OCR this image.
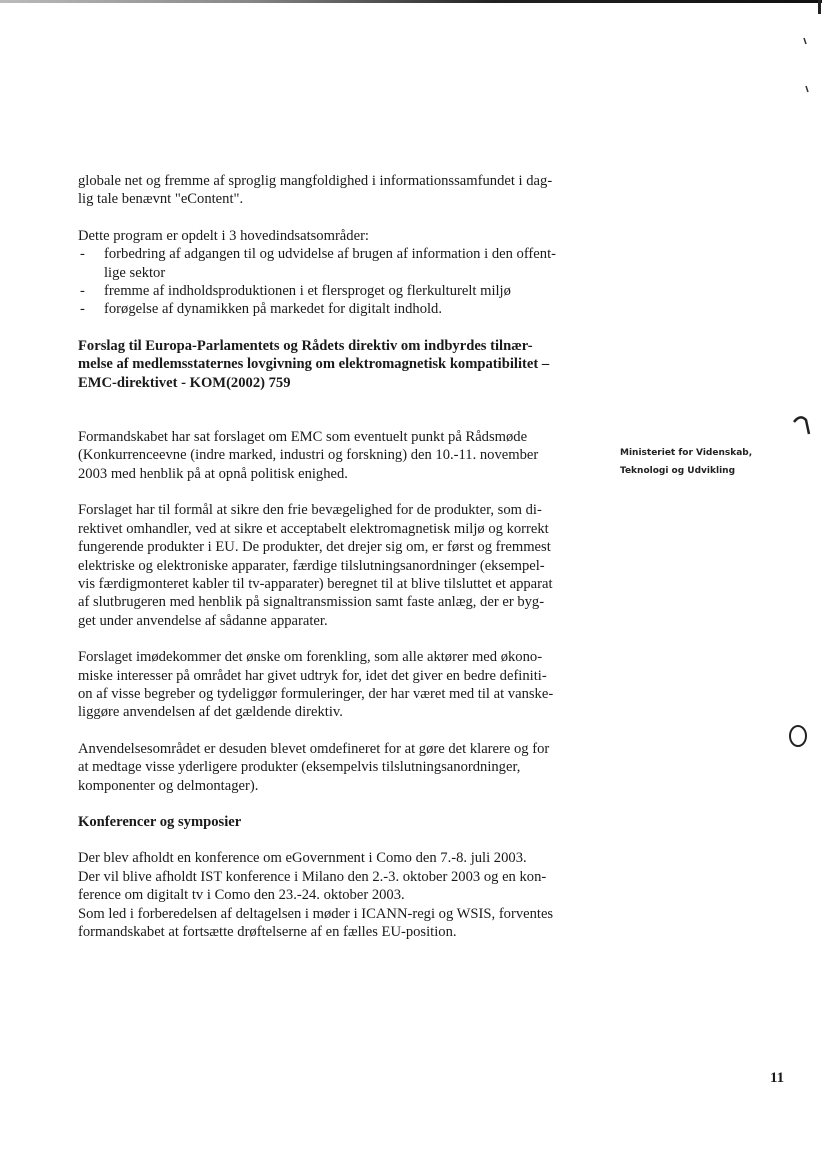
globale net og fremme af sproglig mangfoldighed i informationssamfundet i dag-
lig tale benævnt "eContent".

Dette program er opdelt i 3 hovedindsatsområder:

- forbedring af adgangen til og udvidelse af brugen af information i den offent-
lige sektor
- fremme af indholdsproduktionen i et flersproget og flerkulturelt miljø
- forøgelse af dynamikken på markedet for digitalt indhold.

Forslag til Europa-Parlamentets og Rådets direktiv om indbyrdes tilnær-
melse af medlemsstaternes lovgivning om elektromagnetisk kompatibilitet –
EMC-direktivet - KOM(2002) 759

Formandskabet har sat forslaget om EMC som eventuelt punkt på Rådsmøde
(Konkurrenceevne (indre marked, industri og forskning) den 10.-11. november
2003 med henblik på at opnå politisk enighed.

Forslaget har til formål at sikre den frie bevægelighed for de produkter, som di-
rektivet omhandler, ved at sikre et acceptabelt elektromagnetisk miljø og korrekt
fungerende produkter i EU. De produkter, det drejer sig om, er først og fremmest
elektriske og elektroniske apparater, færdige tilslutningsanordninger (eksempel-
vis færdigmonteret kabler til tv-apparater) beregnet til at blive tilsluttet et apparat
af slutbrugeren med henblik på signaltransmission samt faste anlæg, der er byg-
get under anvendelse af sådanne apparater.

Forslaget imødekommer det ønske om forenkling, som alle aktører med økono-
miske interesser på området har givet udtryk for, idet det giver en bedre definiti-
on af visse begreber og tydeliggør formuleringer, der har været med til at vanske-
liggøre anvendelsen af det gældende direktiv.

Anvendelsesområdet er desuden blevet omdefineret for at gøre det klarere og for
at medtage visse yderligere produkter (eksempelvis tilslutningsanordninger,
komponenter og delmontager).

Konferencer og symposier

Der blev afholdt en konference om eGovernment i Como den 7.-8. juli 2003.
Der vil blive afholdt IST konference i Milano den 2.-3. oktober 2003 og en kon-
ference om digitalt tv i Como den 23.-24. oktober 2003.
Som led i forberedelsen af deltagelsen i møder i ICANN-regi og WSIS, forventes
formandskabet at fortsætte drøftelserne af en fælles EU-position.

Ministeriet for Videnskab,
Teknologi og Udvikling
11
